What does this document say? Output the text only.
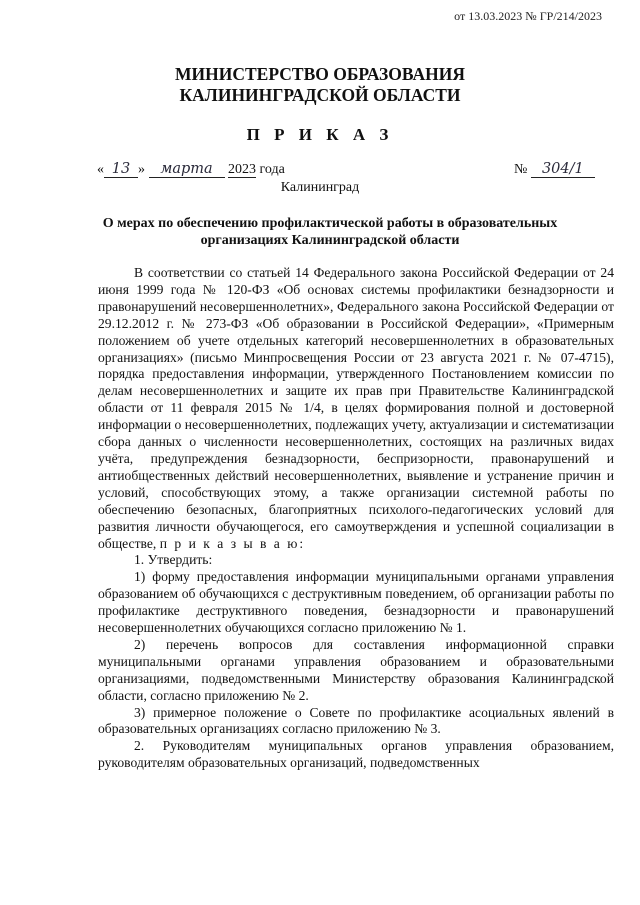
от 13.03.2023 № ГР/214/2023
МИНИСТЕРСТВО ОБРАЗОВАНИЯ
КАЛИНИНГРАДСКОЙ ОБЛАСТИ
П Р И К А З
« 13 » марта 2023 года	№ 304/1
Калининград
О мерах по обеспечению профилактической работы в образовательных
организациях Калининградской области

В соответствии со статьей 14 Федерального закона Российской Федерации от 24 июня 1999 года № 120-ФЗ «Об основах системы профилактики безнадзорности и правонарушений несовершеннолетних», Федерального закона Российской Федерации от 29.12.2012 г. № 273-ФЗ «Об образовании в Российской Федерации», «Примерным положением об учете отдельных категорий несовершеннолетних в образовательных организациях» (письмо Минпросвещения России от 23 августа 2021 г. № 07-4715), порядка предоставления информации, утвержденного Постановлением комиссии по делам несовершеннолетних и защите их прав при Правительстве Калининградской области от 11 февраля 2015 № 1/4, в целях формирования полной и достоверной информации о несовершеннолетних, подлежащих учету, актуализации и систематизации сбора данных о численности несовершеннолетних, состоящих на различных видах учёта, предупреждения безнадзорности, беспризорности, правонарушений и антиобщественных действий несовершеннолетних, выявление и устранение причин и условий, способствующих этому, а также организации системной работы по обеспечению безопасных, благоприятных психолого-педагогических условий для развития личности обучающегося, его самоутверждения и успешной социализации в обществе, п р и к а з ы в а ю:

1. Утвердить:

1) форму предоставления информации муниципальными органами управления образованием об обучающихся с деструктивным поведением, об организации работы по профилактике деструктивного поведения, безнадзорности и правонарушений несовершеннолетних обучающихся согласно приложению № 1.

2) перечень вопросов для составления информационной справки муниципальными органами управления образованием и образовательными организациями, подведомственными Министерству образования Калининградской области, согласно приложению № 2.

3) примерное положение о Совете по профилактике асоциальных явлений в образовательных организациях согласно приложению № 3.

2. Руководителям муниципальных органов управления образованием, руководителям образовательных организаций, подведомственных
